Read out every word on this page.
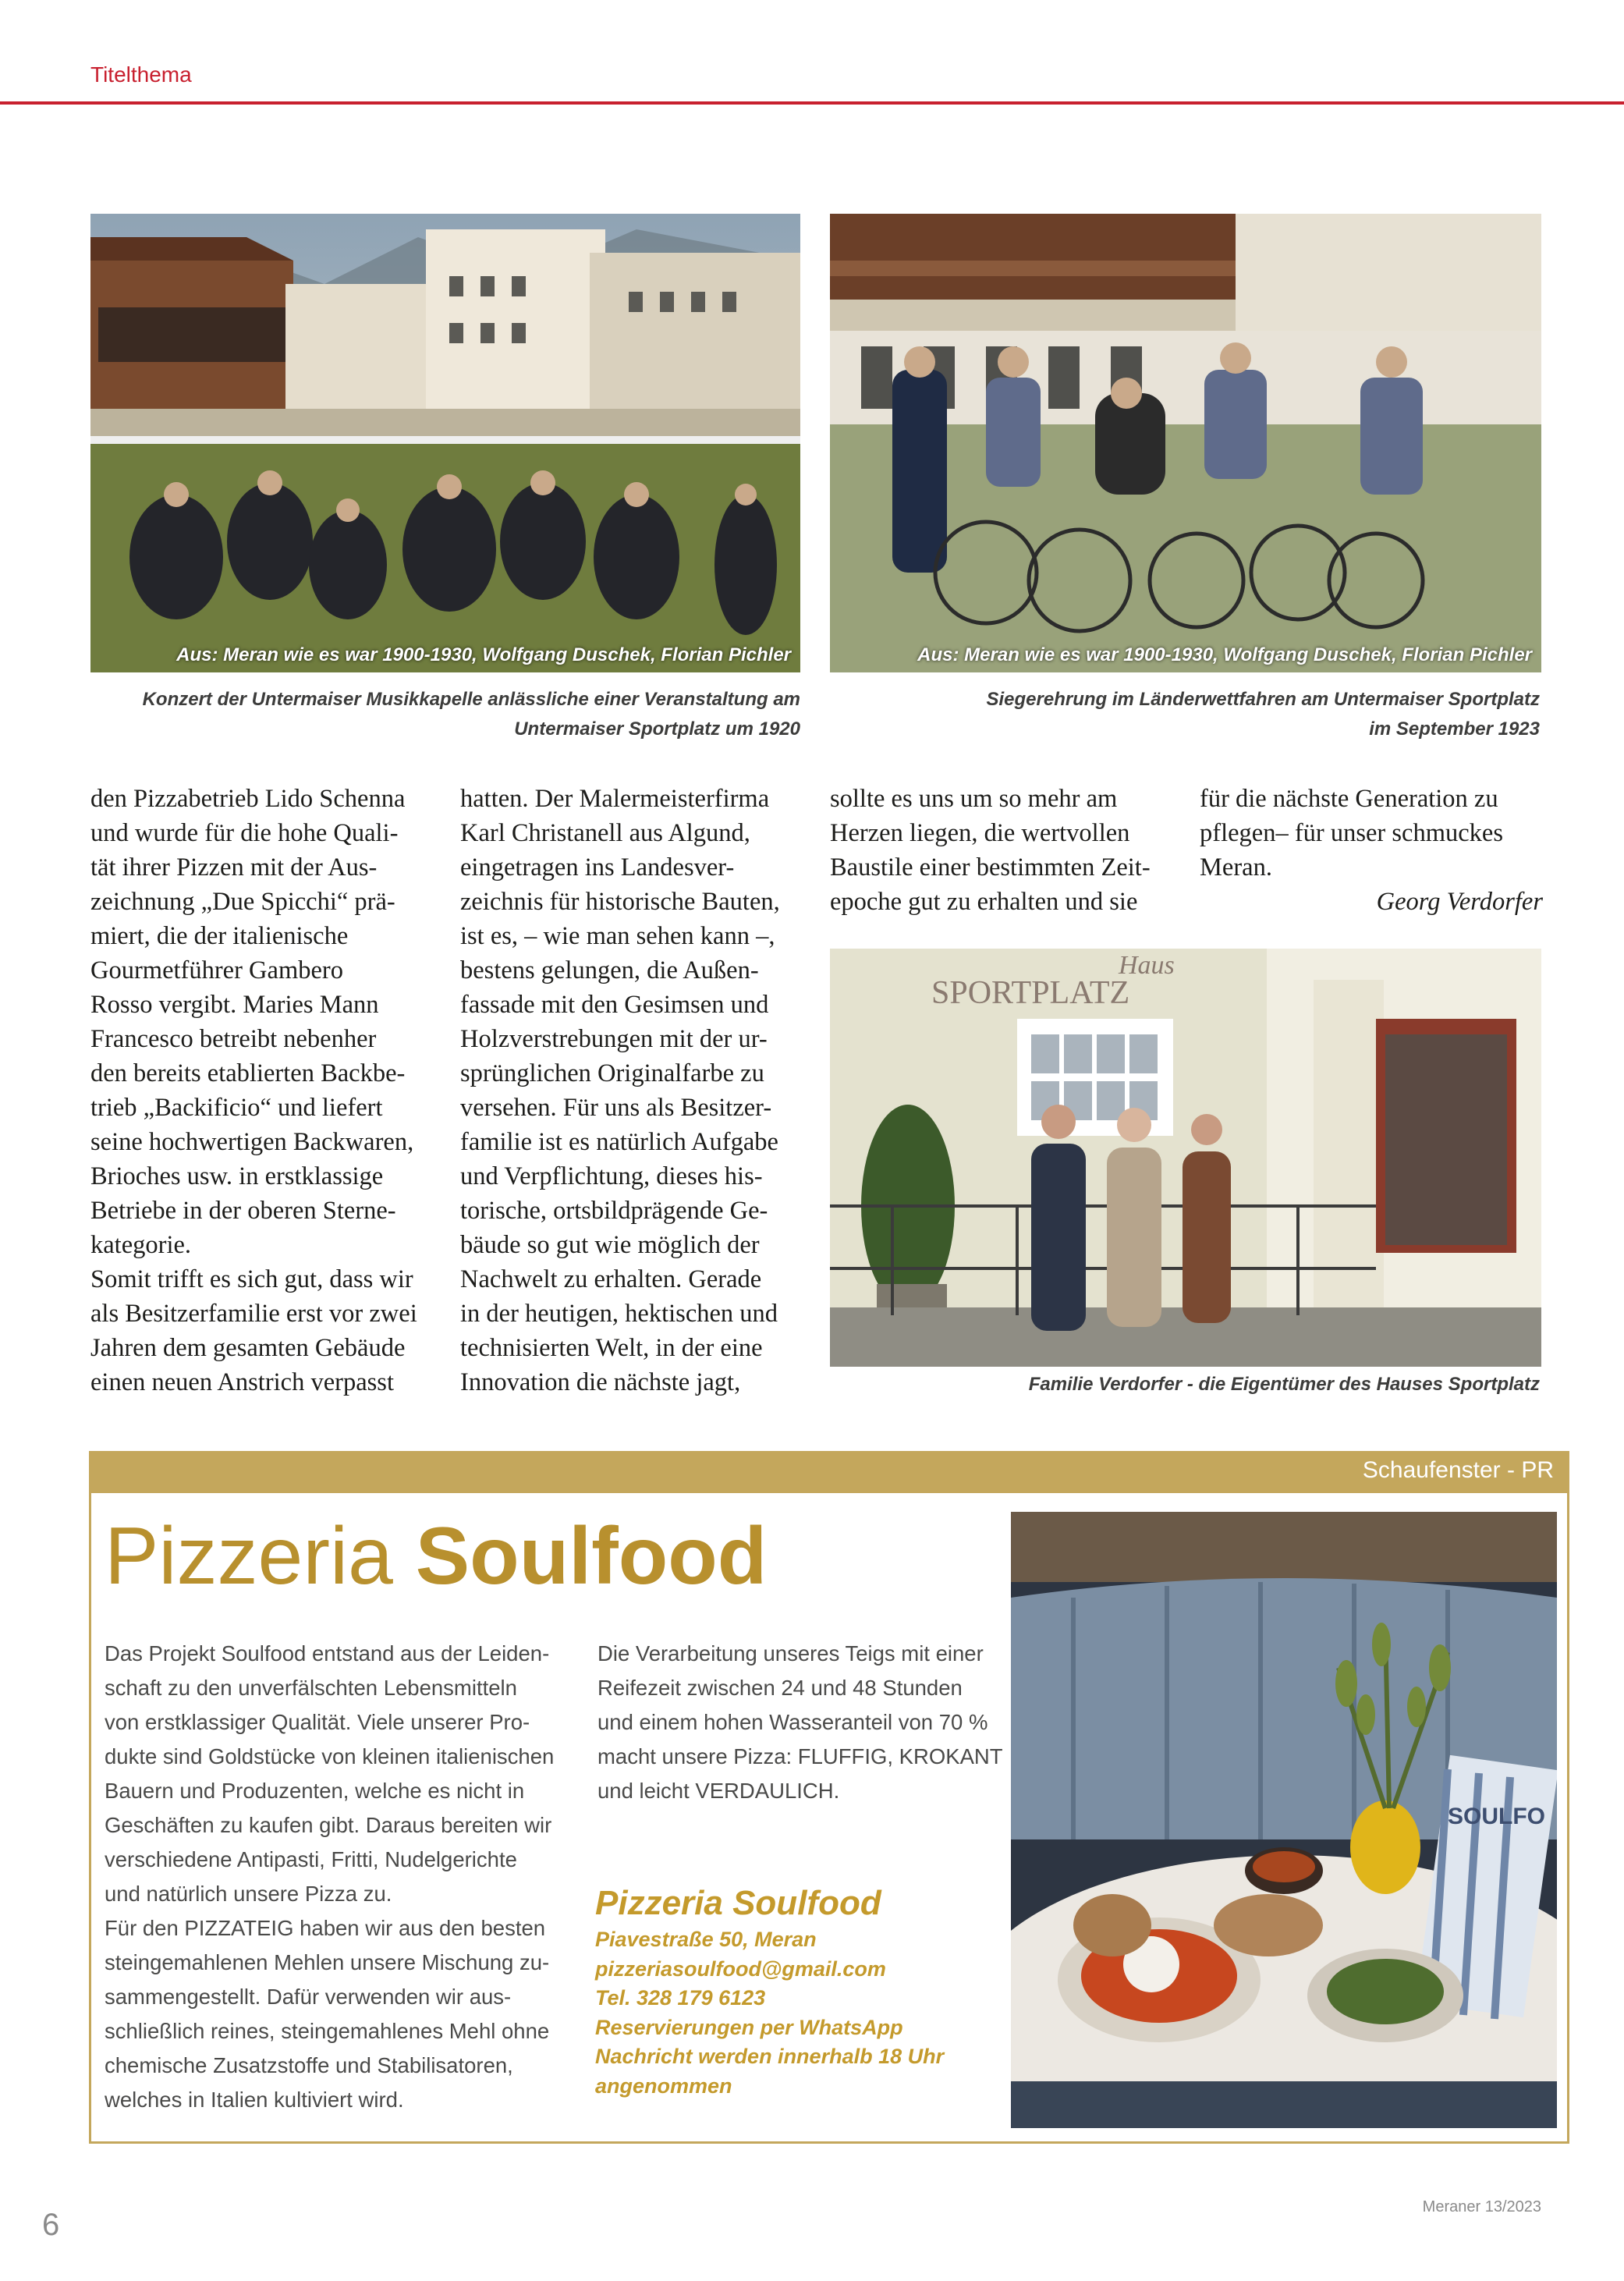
Titelthema
Aus: Meran wie es war 1900-1930, Wolfgang Duschek, Florian Pichler
Konzert der Untermaiser Musikkapelle anlässliche einer Veranstaltung am
Untermaiser Sportplatz um 1920
Aus: Meran wie es war 1900-1930, Wolfgang Duschek, Florian Pichler
Siegerehrung im Länderwettfahren am Untermaiser Sportplatz
im September 1923

den Pizzabetrieb Lido Schenna

und wurde für die hohe Quali-

tät ihrer Pizzen mit der Aus-

zeichnung „Due Spicchi“ prä-

miert, die der italienische

Gourmetführer Gambero

Rosso vergibt. Maries Mann

Francesco betreibt nebenher

den bereits etablierten Backbe-

trieb „Backificio“ und liefert

seine hochwertigen Backwaren,

Brioches usw. in erstklassige

Betriebe in der oberen Sterne-

kategorie.

Somit trifft es sich gut, dass wir

als Besitzerfamilie erst vor zwei

Jahren dem gesamten Gebäude

einen neuen Anstrich verpasst

hatten. Der Malermeisterfirma

Karl Christanell aus Algund,

eingetragen ins Landesver-

zeichnis für historische Bauten,

ist es, – wie man sehen kann –,

bestens gelungen, die Außen-

fassade mit den Gesimsen und

Holzverstrebungen mit der ur-

sprünglichen Originalfarbe zu

versehen. Für uns als Besitzer-

familie ist es natürlich Aufgabe

und Verpflichtung, dieses his-

torische, ortsbildprägende Ge-

bäude so gut wie möglich der

Nachwelt zu erhalten. Gerade

in der heutigen, hektischen und

technisierten Welt, in der eine

Innovation die nächste jagt,

sollte es uns um so mehr am

Herzen liegen, die wertvollen

Baustile einer bestimmten Zeit-

epoche gut zu erhalten und sie

für die nächste Generation zu

pflegen– für unser schmuckes

Meran.

Georg Verdorfer

Haus
SPORTPLATZ
Familie Verdorfer - die Eigentümer des Hauses Sportplatz
Schaufenster - PR
Pizzeria Soulfood

Das Projekt Soulfood entstand aus der Leiden-

schaft zu den unverfälschten Lebensmitteln

von erstklassiger Qualität. Viele unserer Pro-

dukte sind Goldstücke von kleinen italienischen

Bauern und Produzenten, welche es nicht in

Geschäften zu kaufen gibt. Daraus bereiten wir

verschiedene Antipasti, Fritti, Nudelgerichte

und natürlich unsere Pizza zu.

Für den PIZZATEIG haben wir aus den besten

steingemahlenen Mehlen unsere Mischung zu-

sammengestellt. Dafür verwenden wir aus-

schließlich reines, steingemahlenes Mehl ohne

chemische Zusatzstoffe und Stabilisatoren,

welches in Italien kultiviert wird.

Die Verarbeitung unseres Teigs mit einer

Reifezeit zwischen 24 und 48 Stunden

und einem hohen Wasseranteil von 70 %

macht unsere Pizza: FLUFFIG, KROKANT

und leicht VERDAULICH.

Pizzeria Soulfood
Piavestraße 50, Meran
pizzeriasoulfood@gmail.com
Tel. 328 179 6123
Reservierungen per WhatsApp
Nachricht werden innerhalb 18 Uhr
angenommen
SOULFO
Meraner 13/2023
6
